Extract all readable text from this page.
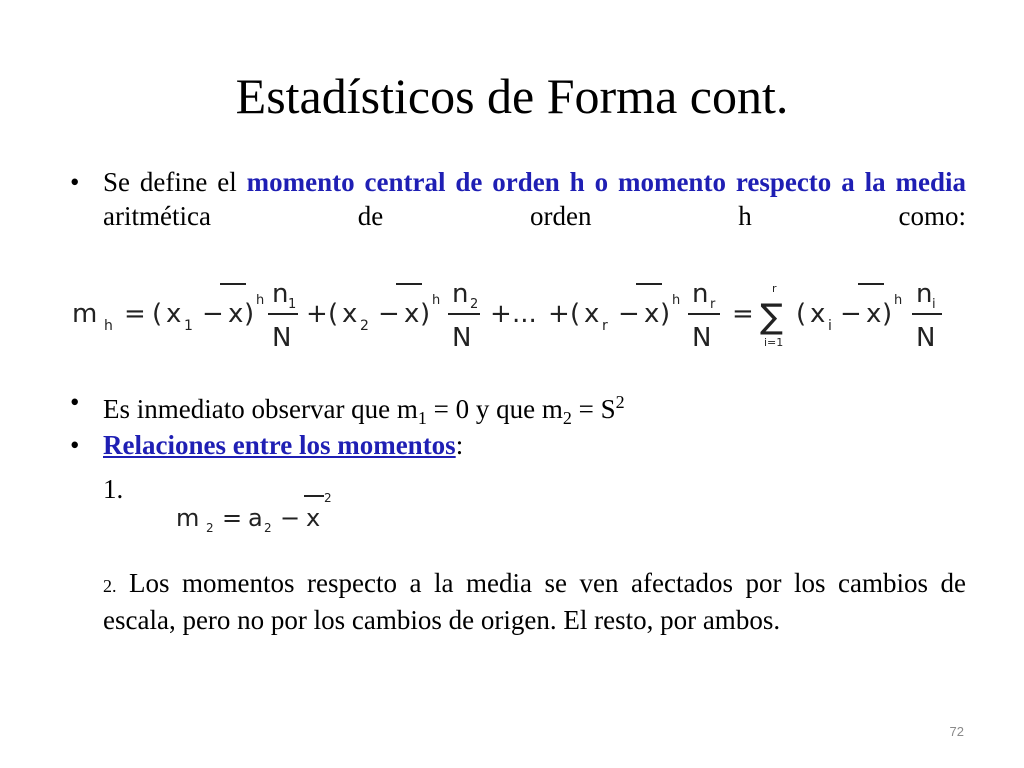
Estadísticos de Forma cont.
• Se define el momento central de orden h o momento respecto a la media aritmética de orden h como:
m h = ( x 1 − x ) h n 1
N
+ ( x 2 − x ) h n 2
N
+ ... + ( x r − x ) h n r
N
= ∑
r
i=1
( x i − x ) h n i
N
• Es inmediato observar que $m_1 = 0$ y que $m_2 = S^2$
• Relaciones entre los momentos:
1.
m 2 = a 2 − x
2
2. Los momentos respecto a la media se ven afectados por los cambios de escala, pero no por los cambios de origen. El resto, por ambos.
72
